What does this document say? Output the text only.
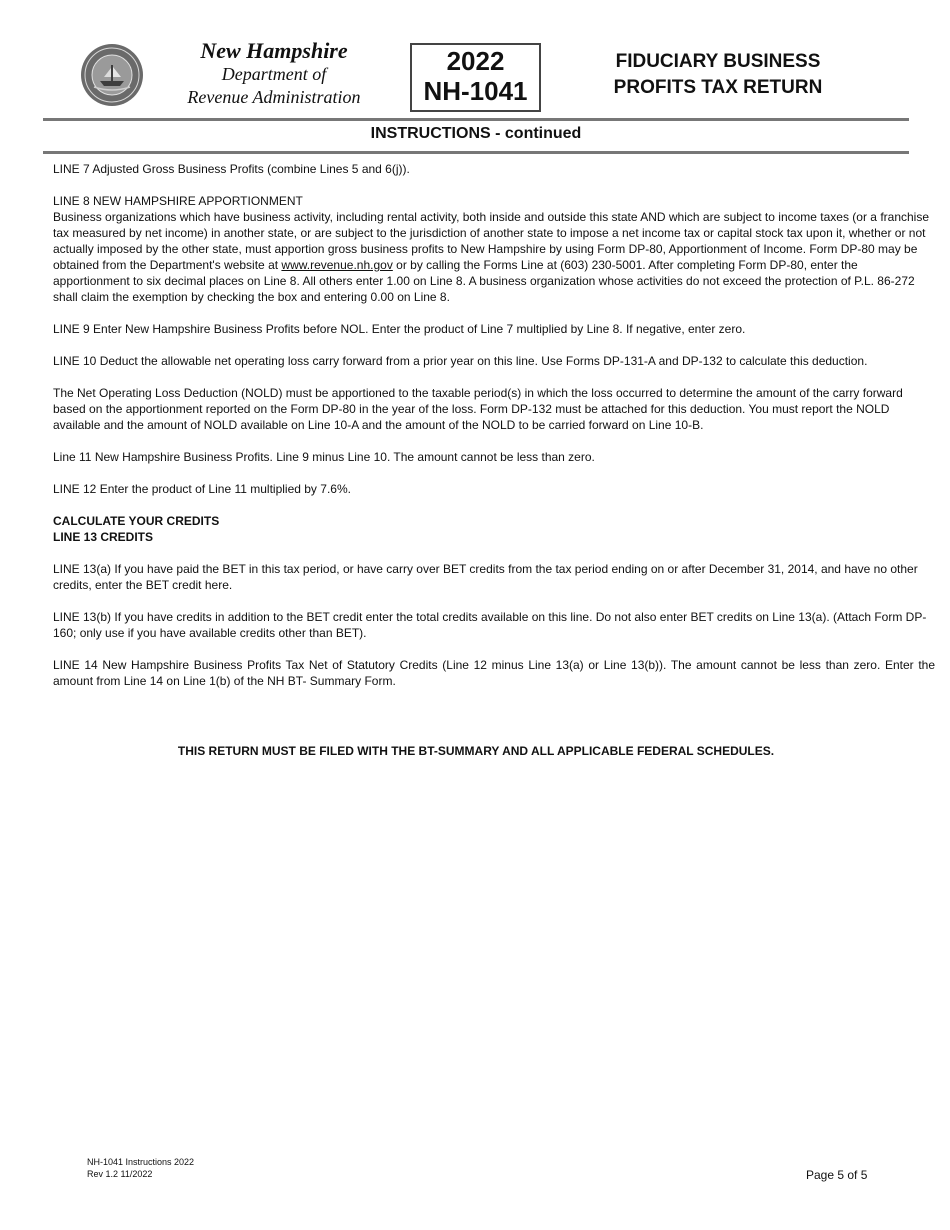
New Hampshire
Department of
Revenue Administration
2022
NH-1041
FIDUCIARY BUSINESS
PROFITS TAX RETURN
INSTRUCTIONS - continued

LINE 7 Adjusted Gross Business Profits (combine Lines 5 and 6(j)).

LINE 8 NEW HAMPSHIRE APPORTIONMENT
Business organizations which have business activity, including rental activity, both inside and outside this state AND which are subject to income taxes (or a franchise tax measured by net income) in another state, or are subject to the jurisdiction of another state to impose a net income tax or capital stock tax upon it, whether or not actually imposed by the other state, must apportion gross business profits to New Hampshire by using Form DP-80, Apportionment of Income. Form DP-80 may be obtained from the Department's website at www.revenue.nh.gov or by calling the Forms Line at (603) 230-5001. After completing Form DP-80, enter the apportionment to six decimal places on Line 8. All others enter 1.00 on Line 8. A business organization whose activities do not exceed the protection of P.L. 86-272 shall claim the exemption by checking the box and entering 0.00 on Line 8.

LINE 9 Enter New Hampshire Business Profits before NOL. Enter the product of Line 7 multiplied by Line 8. If negative, enter zero.

LINE 10 Deduct the allowable net operating loss carry forward from a prior year on this line. Use Forms DP-131-A and DP-132 to calculate this deduction.

The Net Operating Loss Deduction (NOLD) must be apportioned to the taxable period(s) in which the loss occurred to determine the amount of the carry forward based on the apportionment reported on the Form DP-80 in the year of the loss. Form DP-132 must be attached for this deduction. You must report the NOLD available and the amount of NOLD available on Line 10-A and the amount of the NOLD to be carried forward on Line 10-B.

Line 11 New Hampshire Business Profits. Line 9 minus Line 10. The amount cannot be less than zero.

LINE 12 Enter the product of Line 11 multiplied by 7.6%.

CALCULATE YOUR CREDITS
LINE 13 CREDITS

LINE 13(a) If you have paid the BET in this tax period, or have carry over BET credits from the tax period ending on or after December 31, 2014, and have no other credits, enter the BET credit here.

LINE 13(b) If you have credits in addition to the BET credit enter the total credits available on this line. Do not also enter BET credits on Line 13(a). (Attach Form DP-160; only use if you have available credits other than BET).

LINE 14 New Hampshire Business Profits Tax Net of Statutory Credits (Line 12 minus Line 13(a) or Line 13(b)). The amount cannot be less than zero. Enter the amount from Line 14 on Line 1(b) of the NH BT- Summary Form.

THIS RETURN MUST BE FILED WITH THE BT-SUMMARY AND ALL APPLICABLE FEDERAL SCHEDULES.
NH-1041 Instructions 2022
Rev 1.2 11/2022	Page 5 of 5
